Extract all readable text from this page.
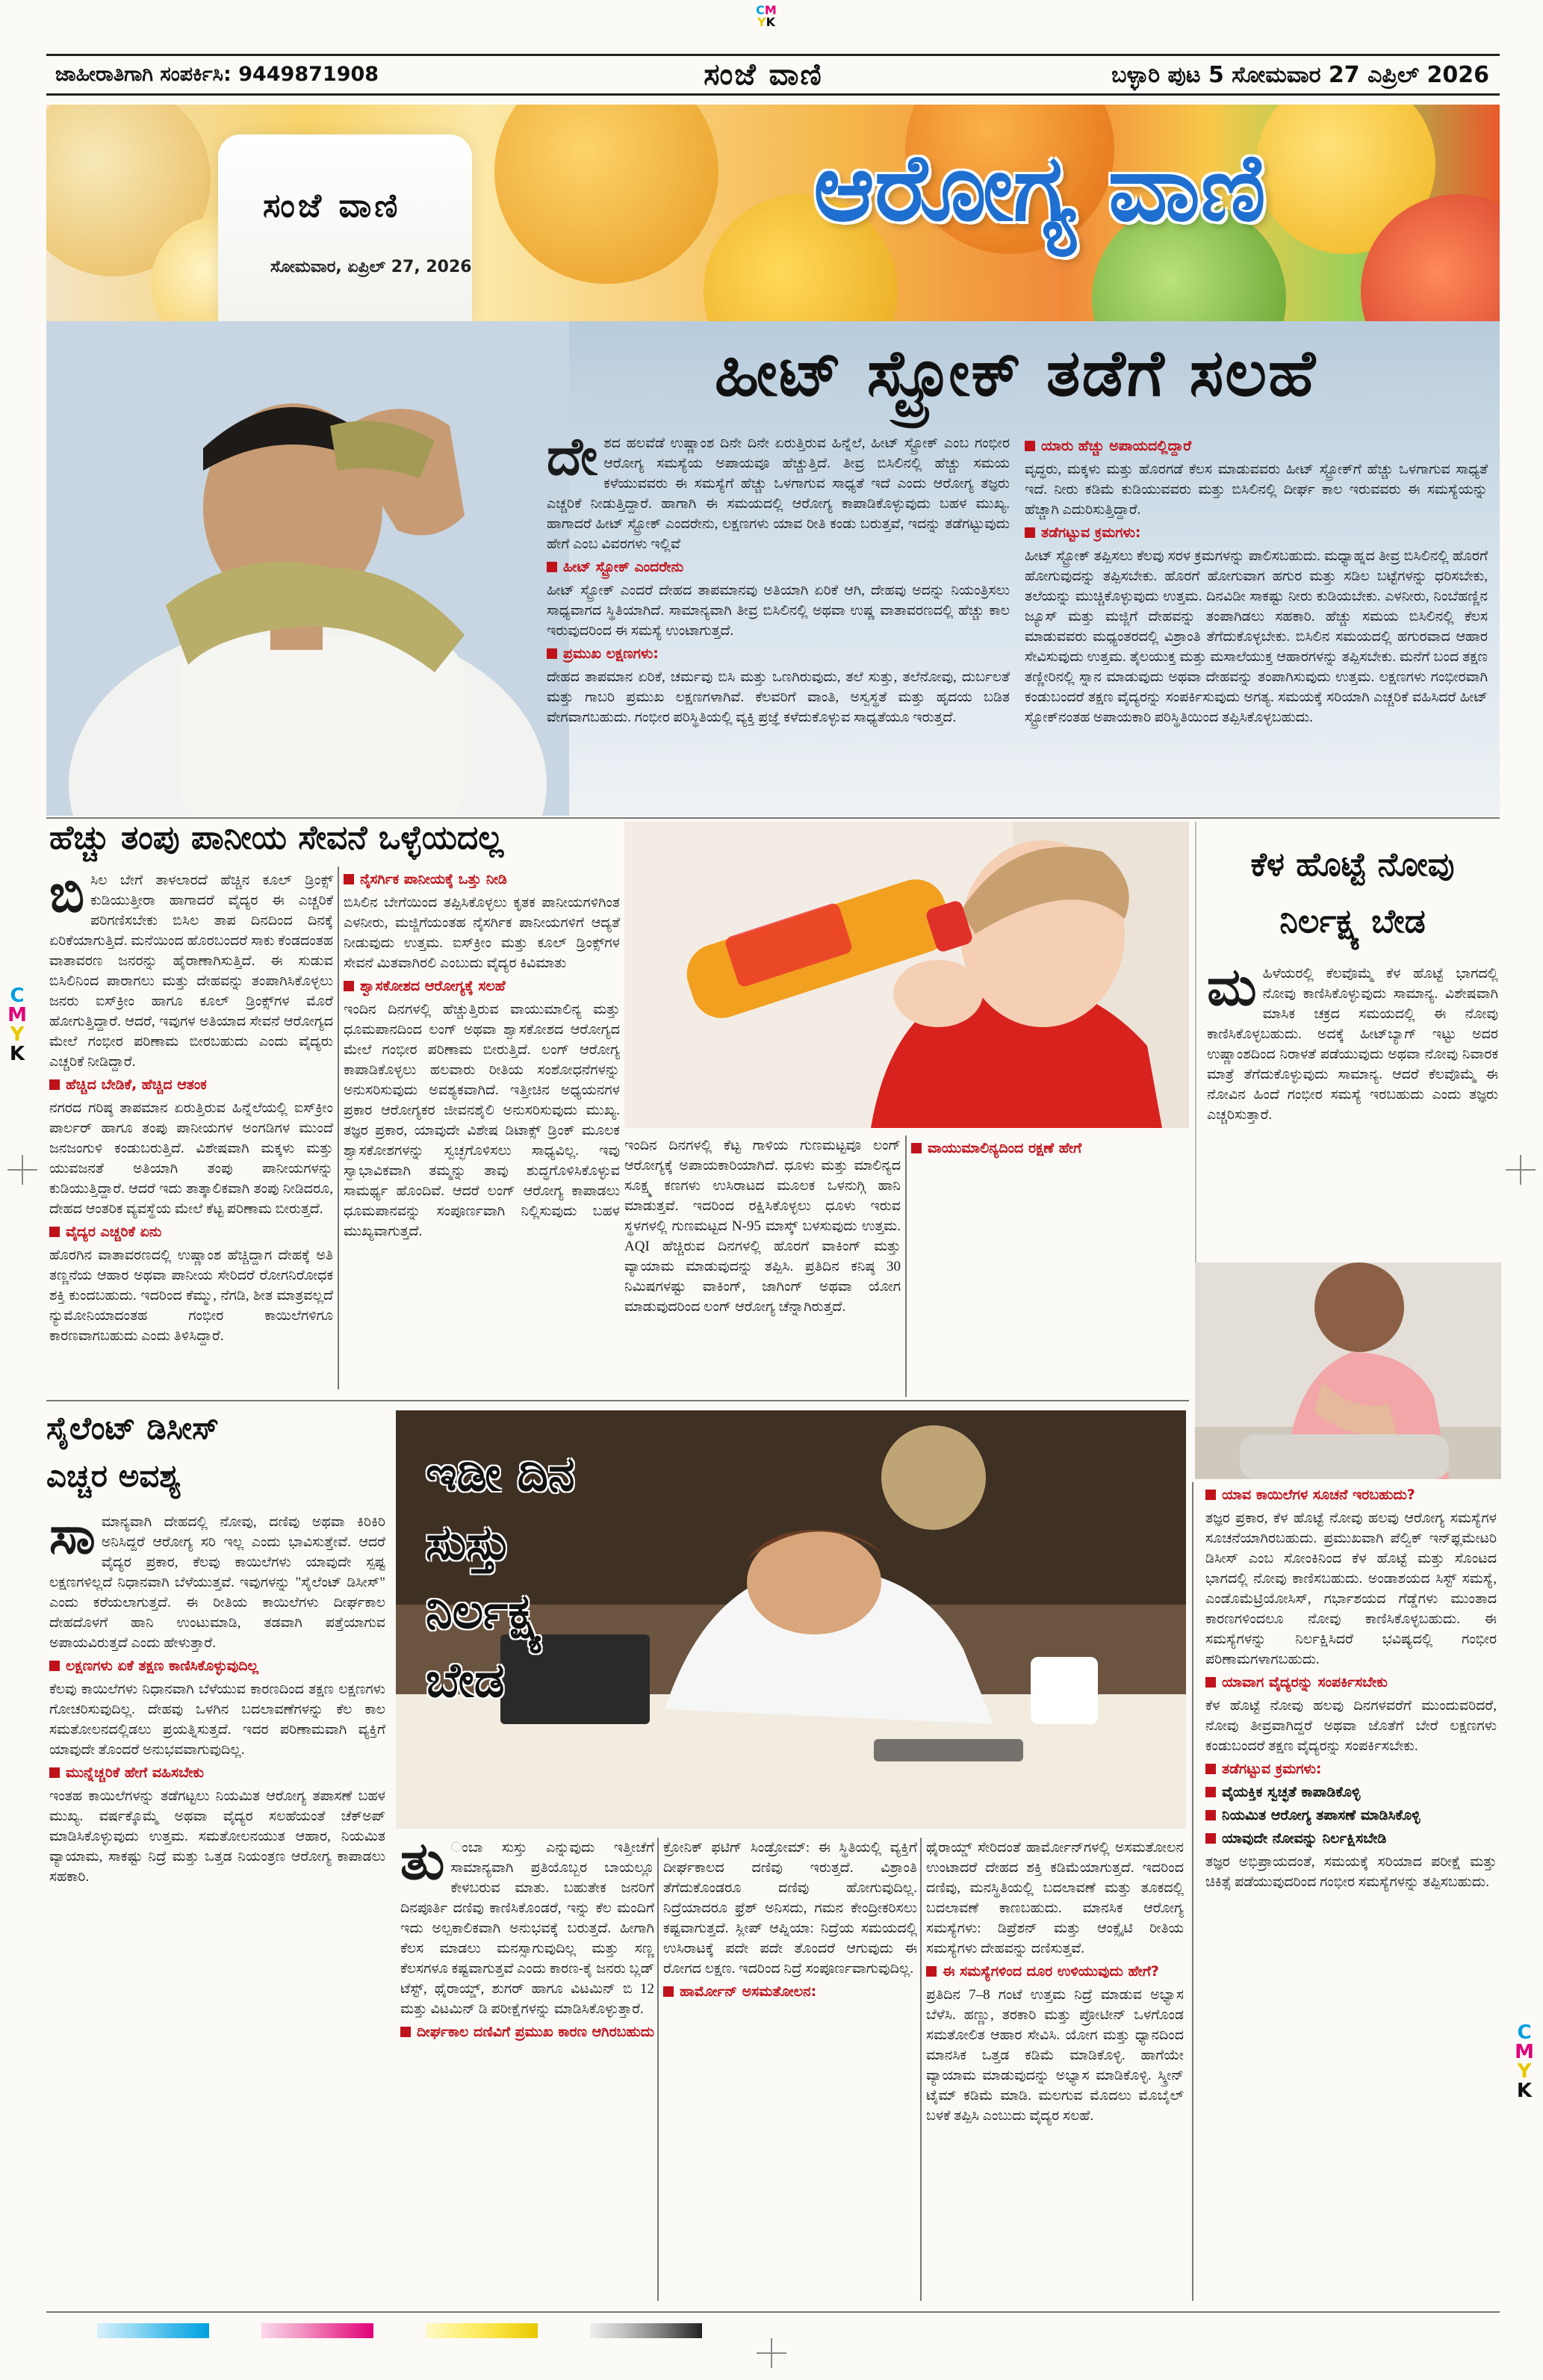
CM
YK
C
M
Y
K
C
M
Y
K
ಜಾಹೀರಾತಿಗಾಗಿ ಸಂಪರ್ಕಿಸಿ: 9449871908	ಸಂಜೆ ವಾಣಿ	ಬಳ್ಳಾರಿ ಪುಟ 5 ಸೋಮವಾರ 27 ಎಪ್ರಿಲ್ 2026
ಸಂಜೆ ವಾಣಿ
ಸೋಮವಾರ, ಏಪ್ರಿಲ್ 27, 2026
ಆರೋಗ್ಯ ವಾಣಿ
ಹೀಟ್ ಸ್ಟ್ರೋಕ್ ತಡೆಗೆ ಸಲಹೆ
ದೇ ಶದ ಹಲವೆಡೆ ಉಷ್ಣಾಂಶ ದಿನೇ ದಿನೇ ಏರುತ್ತಿರುವ ಹಿನ್ನೆಲೆ, ಹೀಟ್ ಸ್ಟ್ರೋಕ್ ಎಂಬ ಗಂಭೀರ ಆರೋಗ್ಯ ಸಮಸ್ಯೆಯ ಅಪಾಯವೂ ಹೆಚ್ಚುತ್ತಿದೆ. ತೀವ್ರ ಬಿಸಿಲಿನಲ್ಲಿ ಹೆಚ್ಚು ಸಮಯ ಕಳೆಯುವವರು ಈ ಸಮಸ್ಯೆಗೆ ಹೆಚ್ಚು ಒಳಗಾಗುವ ಸಾಧ್ಯತೆ ಇದೆ ಎಂದು ಆರೋಗ್ಯ ತಜ್ಞರು ಎಚ್ಚರಿಕೆ ನೀಡುತ್ತಿದ್ದಾರೆ. ಹಾಗಾಗಿ ಈ ಸಮಯದಲ್ಲಿ ಆರೋಗ್ಯ ಕಾಪಾಡಿಕೊಳ್ಳುವುದು ಬಹಳ ಮುಖ್ಯ. ಹಾಗಾದರೆ ಹೀಟ್ ಸ್ಟ್ರೋಕ್ ಎಂದರೇನು, ಲಕ್ಷಣಗಳು ಯಾವ ರೀತಿ ಕಂಡು ಬರುತ್ತವೆ, ಇದನ್ನು ತಡೆಗಟ್ಟುವುದು ಹೇಗೆ ಎಂಬ ವಿವರಗಳು ಇಲ್ಲಿವೆ
ಹೀಟ್ ಸ್ಟ್ರೋಕ್ ಎಂದರೇನು
ಹೀಟ್ ಸ್ಟ್ರೋಕ್ ಎಂದರೆ ದೇಹದ ತಾಪಮಾನವು ಅತಿಯಾಗಿ ಏರಿಕೆ ಆಗಿ, ದೇಹವು ಅದನ್ನು ನಿಯಂತ್ರಿಸಲು ಸಾಧ್ಯವಾಗದ ಸ್ಥಿತಿಯಾಗಿದೆ. ಸಾಮಾನ್ಯವಾಗಿ ತೀವ್ರ ಬಿಸಿಲಿನಲ್ಲಿ ಅಥವಾ ಉಷ್ಣ ವಾತಾವರಣದಲ್ಲಿ ಹೆಚ್ಚು ಕಾಲ ಇರುವುದರಿಂದ ಈ ಸಮಸ್ಯೆ ಉಂಟಾಗುತ್ತದೆ.
ಪ್ರಮುಖ ಲಕ್ಷಣಗಳು:
ದೇಹದ ತಾಪಮಾನ ಏರಿಕೆ, ಚರ್ಮವು ಬಿಸಿ ಮತ್ತು ಒಣಗಿರುವುದು, ತಲೆ ಸುತ್ತು, ತಲೆನೋವು, ದುರ್ಬಲತೆ ಮತ್ತು ಗಾಬರಿ ಪ್ರಮುಖ ಲಕ್ಷಣಗಳಾಗಿವೆ. ಕೆಲವರಿಗೆ ವಾಂತಿ, ಅಸ್ವಸ್ಥತೆ ಮತ್ತು ಹೃದಯ ಬಡಿತ ವೇಗವಾಗಬಹುದು. ಗಂಭೀರ ಪರಿಸ್ಥಿತಿಯಲ್ಲಿ ವ್ಯಕ್ತಿ ಪ್ರಜ್ಞೆ ಕಳೆದುಕೊಳ್ಳುವ ಸಾಧ್ಯತೆಯೂ ಇರುತ್ತದೆ.
ಯಾರು ಹೆಚ್ಚು ಅಪಾಯದಲ್ಲಿದ್ದಾರೆ
ವೃದ್ಧರು, ಮಕ್ಕಳು ಮತ್ತು ಹೊರಗಡೆ ಕೆಲಸ ಮಾಡುವವರು ಹೀಟ್ ಸ್ಟ್ರೋಕ್‌ಗೆ ಹೆಚ್ಚು ಒಳಗಾಗುವ ಸಾಧ್ಯತೆ ಇದೆ. ನೀರು ಕಡಿಮೆ ಕುಡಿಯುವವರು ಮತ್ತು ಬಿಸಿಲಿನಲ್ಲಿ ದೀರ್ಘ ಕಾಲ ಇರುವವರು ಈ ಸಮಸ್ಯೆಯನ್ನು ಹೆಚ್ಚಾಗಿ ಎದುರಿಸುತ್ತಿದ್ದಾರೆ.
ತಡೆಗಟ್ಟುವ ಕ್ರಮಗಳು:
ಹೀಟ್ ಸ್ಟ್ರೋಕ್ ತಪ್ಪಿಸಲು ಕೆಲವು ಸರಳ ಕ್ರಮಗಳನ್ನು ಪಾಲಿಸಬಹುದು. ಮಧ್ಯಾಹ್ನದ ತೀವ್ರ ಬಿಸಿಲಿನಲ್ಲಿ ಹೊರಗೆ ಹೋಗುವುದನ್ನು ತಪ್ಪಿಸಬೇಕು. ಹೊರಗೆ ಹೋಗುವಾಗ ಹಗುರ ಮತ್ತು ಸಡಿಲ ಬಟ್ಟೆಗಳನ್ನು ಧರಿಸಬೇಕು, ತಲೆಯನ್ನು ಮುಚ್ಚಿಕೊಳ್ಳುವುದು ಉತ್ತಮ. ದಿನವಿಡೀ ಸಾಕಷ್ಟು ನೀರು ಕುಡಿಯಬೇಕು. ಎಳನೀರು, ನಿಂಬೆಹಣ್ಣಿನ ಜ್ಯೂಸ್ ಮತ್ತು ಮಜ್ಜಿಗೆ ದೇಹವನ್ನು ತಂಪಾಗಿಡಲು ಸಹಕಾರಿ. ಹೆಚ್ಚು ಸಮಯ ಬಿಸಿಲಿನಲ್ಲಿ ಕೆಲಸ ಮಾಡುವವರು ಮಧ್ಯಂತರದಲ್ಲಿ ವಿಶ್ರಾಂತಿ ತೆಗೆದುಕೊಳ್ಳಬೇಕು. ಬಿಸಿಲಿನ ಸಮಯದಲ್ಲಿ ಹಗುರವಾದ ಆಹಾರ ಸೇವಿಸುವುದು ಉತ್ತಮ. ತೈಲಯುಕ್ತ ಮತ್ತು ಮಸಾಲೆಯುಕ್ತ ಆಹಾರಗಳನ್ನು ತಪ್ಪಿಸಬೇಕು. ಮನೆಗೆ ಬಂದ ತಕ್ಷಣ ತಣ್ಣೀರಿನಲ್ಲಿ ಸ್ನಾನ ಮಾಡುವುದು ಅಥವಾ ದೇಹವನ್ನು ತಂಪಾಗಿಸುವುದು ಉತ್ತಮ. ಲಕ್ಷಣಗಳು ಗಂಭೀರವಾಗಿ ಕಂಡುಬಂದರೆ ತಕ್ಷಣ ವೈದ್ಯರನ್ನು ಸಂಪರ್ಕಿಸುವುದು ಅಗತ್ಯ. ಸಮಯಕ್ಕೆ ಸರಿಯಾಗಿ ಎಚ್ಚರಿಕೆ ವಹಿಸಿದರೆ ಹೀಟ್ ಸ್ಟ್ರೋಕ್‌ನಂತಹ ಅಪಾಯಕಾರಿ ಪರಿಸ್ಥಿತಿಯಿಂದ ತಪ್ಪಿಸಿಕೊಳ್ಳಬಹುದು.
ಹೆಚ್ಚು ತಂಪು ಪಾನೀಯ ಸೇವನೆ ಒಳ್ಳೆಯದಲ್ಲ
ಬಿ ಸಿಲ ಬೇಗೆ ತಾಳಲಾರದೆ ಹೆಚ್ಚಿನ ಕೂಲ್ ಡ್ರಿಂಕ್ಸ್ ಕುಡಿಯುತ್ತೀರಾ ಹಾಗಾದರೆ ವೈದ್ಯರ ಈ ಎಚ್ಚರಿಕೆ ಪರಿಗಣಿಸಬೇಕು ಬಿಸಿಲ ತಾಪ ದಿನದಿಂದ ದಿನಕ್ಕೆ ಏರಿಕೆಯಾಗುತ್ತಿದೆ. ಮನೆಯಿಂದ ಹೊರಬಂದರೆ ಸಾಕು ಕೆಂಡದಂತಹ ವಾತಾವರಣ ಜನರನ್ನು ಹೈರಾಣಾಗಿಸುತ್ತಿದೆ. ಈ ಸುಡುವ ಬಿಸಿಲಿನಿಂದ ಪಾರಾಗಲು ಮತ್ತು ದೇಹವನ್ನು ತಂಪಾಗಿಸಿಕೊಳ್ಳಲು ಜನರು ಐಸ್‌ಕ್ರೀಂ ಹಾಗೂ ಕೂಲ್ ಡ್ರಿಂಕ್ಸ್‌ಗಳ ಮೊರೆ ಹೋಗುತ್ತಿದ್ದಾರೆ. ಆದರೆ, ಇವುಗಳ ಅತಿಯಾದ ಸೇವನೆ ಆರೋಗ್ಯದ ಮೇಲೆ ಗಂಭೀರ ಪರಿಣಾಮ ಬೀರಬಹುದು ಎಂದು ವೈದ್ಯರು ಎಚ್ಚರಿಕೆ ನೀಡಿದ್ದಾರೆ.
ಹೆಚ್ಚಿದ ಬೇಡಿಕೆ, ಹೆಚ್ಚಿದ ಆತಂಕ
ನಗರದ ಗರಿಷ್ಠ ತಾಪಮಾನ ಏರುತ್ತಿರುವ ಹಿನ್ನೆಲೆಯಲ್ಲಿ ಐಸ್‌ಕ್ರೀಂ ಪಾರ್ಲರ್ ಹಾಗೂ ತಂಪು ಪಾನೀಯಗಳ ಅಂಗಡಿಗಳ ಮುಂದೆ ಜನಜಂಗುಳಿ ಕಂಡುಬರುತ್ತಿದೆ. ವಿಶೇಷವಾಗಿ ಮಕ್ಕಳು ಮತ್ತು ಯುವಜನತೆ ಅತಿಯಾಗಿ ತಂಪು ಪಾನೀಯಗಳನ್ನು ಕುಡಿಯುತ್ತಿದ್ದಾರೆ. ಆದರೆ ಇದು ತಾತ್ಕಾಲಿಕವಾಗಿ ತಂಪು ನೀಡಿದರೂ, ದೇಹದ ಆಂತರಿಕ ವ್ಯವಸ್ಥೆಯ ಮೇಲೆ ಕೆಟ್ಟ ಪರಿಣಾಮ ಬೀರುತ್ತದೆ.
ವೈದ್ಯರ ಎಚ್ಚರಿಕೆ ಏನು
ಹೊರಗಿನ ವಾತಾವರಣದಲ್ಲಿ ಉಷ್ಣಾಂಶ ಹೆಚ್ಚಿದ್ದಾಗ ದೇಹಕ್ಕೆ ಅತಿ ತಣ್ಣನೆಯ ಆಹಾರ ಅಥವಾ ಪಾನೀಯ ಸೇರಿದರೆ ರೋಗನಿರೋಧಕ ಶಕ್ತಿ ಕುಂದಬಹುದು. ಇದರಿಂದ ಕೆಮ್ಮು, ನೆಗಡಿ, ಶೀತ ಮಾತ್ರವಲ್ಲದೆ ನ್ಯುಮೋನಿಯಾದಂತಹ ಗಂಭೀರ ಕಾಯಿಲೆಗಳಿಗೂ ಕಾರಣವಾಗಬಹುದು ಎಂದು ತಿಳಿಸಿದ್ದಾರೆ.
ನೈಸರ್ಗಿಕ ಪಾನೀಯಕ್ಕೆ ಒತ್ತು ನೀಡಿ
ಬಿಸಿಲಿನ ಬೇಗೆಯಿಂದ ತಪ್ಪಿಸಿಕೊಳ್ಳಲು ಕೃತಕ ಪಾನೀಯಗಳಿಗಿಂತ ಎಳನೀರು, ಮಜ್ಜಿಗೆಯಂತಹ ನೈಸರ್ಗಿಕ ಪಾನೀಯಗಳಿಗೆ ಆದ್ಯತೆ ನೀಡುವುದು ಉತ್ತಮ. ಐಸ್‌ಕ್ರೀಂ ಮತ್ತು ಕೂಲ್ ಡ್ರಿಂಕ್ಸ್‌ಗಳ ಸೇವನೆ ಮಿತವಾಗಿರಲಿ ಎಂಬುದು ವೈದ್ಯರ ಕಿವಿಮಾತು
ಶ್ವಾಸಕೋಶದ ಆರೋಗ್ಯಕ್ಕೆ ಸಲಹೆ
ಇಂದಿನ ದಿನಗಳಲ್ಲಿ ಹೆಚ್ಚುತ್ತಿರುವ ವಾಯುಮಾಲಿನ್ಯ ಮತ್ತು ಧೂಮಪಾನದಿಂದ ಲಂಗ್ ಅಥವಾ ಶ್ವಾಸಕೋಶದ ಆರೋಗ್ಯದ ಮೇಲೆ ಗಂಭೀರ ಪರಿಣಾಮ ಬೀರುತ್ತಿದೆ. ಲಂಗ್ ಆರೋಗ್ಯ ಕಾಪಾಡಿಕೊಳ್ಳಲು ಹಲವಾರು ರೀತಿಯ ಸಂಶೋಧನೆಗಳನ್ನು ಅನುಸರಿಸುವುದು ಅವಶ್ಯಕವಾಗಿದೆ. ಇತ್ತೀಚಿನ ಅಧ್ಯಯನಗಳ ಪ್ರಕಾರ ಆರೋಗ್ಯಕರ ಜೀವನಶೈಲಿ ಅನುಸರಿಸುವುದು ಮುಖ್ಯ. ತಜ್ಞರ ಪ್ರಕಾರ, ಯಾವುದೇ ವಿಶೇಷ ಡಿಟಾಕ್ಸ್ ಡ್ರಿಂಕ್ ಮೂಲಕ ಶ್ವಾಸಕೋಶಗಳನ್ನು ಸ್ವಚ್ಛಗೊಳಿಸಲು ಸಾಧ್ಯವಿಲ್ಲ. ಇವು ಸ್ವಾಭಾವಿಕವಾಗಿ ತಮ್ಮನ್ನು ತಾವು ಶುದ್ಧಗೊಳಿಸಿಕೊಳ್ಳುವ ಸಾಮರ್ಥ್ಯ ಹೊಂದಿವೆ. ಆದರೆ ಲಂಗ್ ಆರೋಗ್ಯ ಕಾಪಾಡಲು ಧೂಮಪಾನವನ್ನು ಸಂಪೂರ್ಣವಾಗಿ ನಿಲ್ಲಿಸುವುದು ಬಹಳ ಮುಖ್ಯವಾಗುತ್ತದೆ.
ಇಂದಿನ ದಿನಗಳಲ್ಲಿ ಕೆಟ್ಟ ಗಾಳಿಯ ಗುಣಮಟ್ಟವೂ ಲಂಗ್ ಆರೋಗ್ಯಕ್ಕೆ ಅಪಾಯಕಾರಿಯಾಗಿದೆ. ಧೂಳು ಮತ್ತು ಮಾಲಿನ್ಯದ ಸೂಕ್ಷ್ಮ ಕಣಗಳು ಉಸಿರಾಟದ ಮೂಲಕ ಒಳನುಗ್ಗಿ ಹಾನಿ ಮಾಡುತ್ತವೆ. ಇದರಿಂದ ರಕ್ಷಿಸಿಕೊಳ್ಳಲು ಧೂಳು ಇರುವ ಸ್ಥಳಗಳಲ್ಲಿ ಗುಣಮಟ್ಟದ N-95 ಮಾಸ್ಕ್ ಬಳಸುವುದು ಉತ್ತಮ. AQI ಹೆಚ್ಚಿರುವ ದಿನಗಳಲ್ಲಿ ಹೊರಗೆ ವಾಕಿಂಗ್ ಮತ್ತು ವ್ಯಾಯಾಮ ಮಾಡುವುದನ್ನು ತಪ್ಪಿಸಿ. ಪ್ರತಿದಿನ ಕನಿಷ್ಠ 30 ನಿಮಿಷಗಳಷ್ಟು ವಾಕಿಂಗ್, ಜಾಗಿಂಗ್ ಅಥವಾ ಯೋಗ ಮಾಡುವುದರಿಂದ ಲಂಗ್ ಆರೋಗ್ಯ ಚೆನ್ನಾಗಿರುತ್ತದೆ.
ವಾಯುಮಾಲಿನ್ಯದಿಂದ ರಕ್ಷಣೆ ಹೇಗೆ
ಕೆಳ ಹೊಟ್ಟೆ ನೋವು
ನಿರ್ಲಕ್ಷ್ಯ ಬೇಡ
ಮ ಹಿಳೆಯರಲ್ಲಿ ಕೆಲವೊಮ್ಮೆ ಕೆಳ ಹೊಟ್ಟೆ ಭಾಗದಲ್ಲಿ ನೋವು ಕಾಣಿಸಿಕೊಳ್ಳುವುದು ಸಾಮಾನ್ಯ. ವಿಶೇಷವಾಗಿ ಮಾಸಿಕ ಚಕ್ರದ ಸಮಯದಲ್ಲಿ ಈ ನೋವು ಕಾಣಿಸಿಕೊಳ್ಳಬಹುದು. ಅದಕ್ಕೆ ಹೀಟ್‌ಬ್ಯಾಗ್ ಇಟ್ಟು ಅದರ ಉಷ್ಣಾಂಶದಿಂದ ನಿರಾಳತೆ ಪಡೆಯುವುದು ಅಥವಾ ನೋವು ನಿವಾರಕ ಮಾತ್ರೆ ತೆಗೆದುಕೊಳ್ಳುವುದು ಸಾಮಾನ್ಯ. ಆದರೆ ಕೆಲವೊಮ್ಮೆ ಈ ನೋವಿನ ಹಿಂದೆ ಗಂಭೀರ ಸಮಸ್ಯೆ ಇರಬಹುದು ಎಂದು ತಜ್ಞರು ಎಚ್ಚರಿಸುತ್ತಾರೆ.
ಯಾವ ಕಾಯಿಲೆಗಳ ಸೂಚನೆ ಇರಬಹುದು?
ತಜ್ಞರ ಪ್ರಕಾರ, ಕೆಳ ಹೊಟ್ಟೆ ನೋವು ಹಲವು ಆರೋಗ್ಯ ಸಮಸ್ಯೆಗಳ ಸೂಚನೆಯಾಗಿರಬಹುದು. ಪ್ರಮುಖವಾಗಿ ಪೆಲ್ವಿಕ್ ಇನ್‌ಫ್ಲಮೇಟರಿ ಡಿಸೀಸ್ ಎಂಬ ಸೋಂಕಿನಿಂದ ಕೆಳ ಹೊಟ್ಟೆ ಮತ್ತು ಸೊಂಟದ ಭಾಗದಲ್ಲಿ ನೋವು ಕಾಣಿಸಬಹುದು. ಅಂಡಾಶಯದ ಸಿಸ್ಟ್ ಸಮಸ್ಯೆ, ಎಂಡೊಮೆಟ್ರಿಯೋಸಿಸ್, ಗರ್ಭಾಶಯದ ಗೆಡ್ಡೆಗಳು ಮುಂತಾದ ಕಾರಣಗಳಿಂದಲೂ ನೋವು ಕಾಣಿಸಿಕೊಳ್ಳಬಹುದು. ಈ ಸಮಸ್ಯೆಗಳನ್ನು ನಿರ್ಲಕ್ಷಿಸಿದರೆ ಭವಿಷ್ಯದಲ್ಲಿ ಗಂಭೀರ ಪರಿಣಾಮಗಳಾಗಬಹುದು.
ಯಾವಾಗ ವೈದ್ಯರನ್ನು ಸಂಪರ್ಕಿಸಬೇಕು
ಕೆಳ ಹೊಟ್ಟೆ ನೋವು ಹಲವು ದಿನಗಳವರೆಗೆ ಮುಂದುವರಿದರೆ, ನೋವು ತೀವ್ರವಾಗಿದ್ದರೆ ಅಥವಾ ಜೊತೆಗೆ ಬೇರೆ ಲಕ್ಷಣಗಳು ಕಂಡುಬಂದರೆ ತಕ್ಷಣ ವೈದ್ಯರನ್ನು ಸಂಪರ್ಕಿಸಬೇಕು.
ತಡೆಗಟ್ಟುವ ಕ್ರಮಗಳು:
ವೈಯಕ್ತಿಕ ಸ್ವಚ್ಛತೆ ಕಾಪಾಡಿಕೊಳ್ಳಿ
ನಿಯಮಿತ ಆರೋಗ್ಯ ತಪಾಸಣೆ ಮಾಡಿಸಿಕೊಳ್ಳಿ
ಯಾವುದೇ ನೋವನ್ನು ನಿರ್ಲಕ್ಷಿಸಬೇಡಿ
ತಜ್ಞರ ಅಭಿಪ್ರಾಯದಂತೆ, ಸಮಯಕ್ಕೆ ಸರಿಯಾದ ಪರೀಕ್ಷೆ ಮತ್ತು ಚಿಕಿತ್ಸೆ ಪಡೆಯುವುದರಿಂದ ಗಂಭೀರ ಸಮಸ್ಯೆಗಳನ್ನು ತಪ್ಪಿಸಬಹುದು.
ಸೈಲೆಂಟ್ ಡಿಸೀಸ್
ಎಚ್ಚರ ಅವಶ್ಯ
ಸಾ ಮಾನ್ಯವಾಗಿ ದೇಹದಲ್ಲಿ ನೋವು, ದಣಿವು ಅಥವಾ ಕಿರಿಕಿರಿ ಅನಿಸಿದ್ದರೆ ಆರೋಗ್ಯ ಸರಿ ಇಲ್ಲ ಎಂದು ಭಾವಿಸುತ್ತೇವೆ. ಆದರೆ ವೈದ್ಯರ ಪ್ರಕಾರ, ಕೆಲವು ಕಾಯಿಲೆಗಳು ಯಾವುದೇ ಸ್ಪಷ್ಟ ಲಕ್ಷಣಗಳಿಲ್ಲದೆ ನಿಧಾನವಾಗಿ ಬೆಳೆಯುತ್ತವೆ. ಇವುಗಳನ್ನು "ಸೈಲೆಂಟ್ ಡಿಸೀಸ್" ಎಂದು ಕರೆಯಲಾಗುತ್ತದೆ. ಈ ರೀತಿಯ ಕಾಯಿಲೆಗಳು ದೀರ್ಘಕಾಲ ದೇಹದೊಳಗೆ ಹಾನಿ ಉಂಟುಮಾಡಿ, ತಡವಾಗಿ ಪತ್ತೆಯಾಗುವ ಅಪಾಯವಿರುತ್ತದೆ ಎಂದು ಹೇಳುತ್ತಾರೆ.
ಲಕ್ಷಣಗಳು ಏಕೆ ತಕ್ಷಣ ಕಾಣಿಸಿಕೊಳ್ಳುವುದಿಲ್ಲ
ಕೆಲವು ಕಾಯಿಲೆಗಳು ನಿಧಾನವಾಗಿ ಬೆಳೆಯುವ ಕಾರಣದಿಂದ ತಕ್ಷಣ ಲಕ್ಷಣಗಳು ಗೋಚರಿಸುವುದಿಲ್ಲ. ದೇಹವು ಒಳಗಿನ ಬದಲಾವಣೆಗಳನ್ನು ಕೆಲ ಕಾಲ ಸಮತೋಲನದಲ್ಲಿಡಲು ಪ್ರಯತ್ನಿಸುತ್ತದೆ. ಇದರ ಪರಿಣಾಮವಾಗಿ ವ್ಯಕ್ತಿಗೆ ಯಾವುದೇ ತೊಂದರೆ ಅನುಭವವಾಗುವುದಿಲ್ಲ.
ಮುನ್ನೆಚ್ಚರಿಕೆ ಹೇಗೆ ವಹಿಸಬೇಕು
ಇಂತಹ ಕಾಯಿಲೆಗಳನ್ನು ತಡೆಗಟ್ಟಲು ನಿಯಮಿತ ಆರೋಗ್ಯ ತಪಾಸಣೆ ಬಹಳ ಮುಖ್ಯ. ವರ್ಷಕ್ಕೊಮ್ಮೆ ಅಥವಾ ವೈದ್ಯರ ಸಲಹೆಯಂತೆ ಚೆಕ್‌ಅಪ್ ಮಾಡಿಸಿಕೊಳ್ಳುವುದು ಉತ್ತಮ. ಸಮತೋಲನಯುತ ಆಹಾರ, ನಿಯಮಿತ ವ್ಯಾಯಾಮ, ಸಾಕಷ್ಟು ನಿದ್ರೆ ಮತ್ತು ಒತ್ತಡ ನಿಯಂತ್ರಣ ಆರೋಗ್ಯ ಕಾಪಾಡಲು ಸಹಕಾರಿ.
ಇಡೀ ದಿನ ಸುಸ್ತು ನಿರ್ಲಕ್ಷ್ಯ ಬೇಡ
ತು ಂಬಾ ಸುಸ್ತು ಎನ್ನುವುದು ಇತ್ತೀಚೆಗೆ ಸಾಮಾನ್ಯವಾಗಿ ಪ್ರತಿಯೊಬ್ಬರ ಬಾಯಲ್ಲೂ ಕೇಳಬರುವ ಮಾತು. ಬಹುತೇಕ ಜನರಿಗೆ ದಿನಪೂರ್ತಿ ದಣಿವು ಕಾಣಿಸಿಕೊಂಡರೆ, ಇನ್ನು ಕೆಲ ಮಂದಿಗೆ ಇದು ಅಲ್ಪಕಾಲಿಕವಾಗಿ ಅನುಭವಕ್ಕೆ ಬರುತ್ತದೆ. ಹೀಗಾಗಿ ಕೆಲಸ ಮಾಡಲು ಮನಸ್ಸಾಗುವುದಿಲ್ಲ ಮತ್ತು ಸಣ್ಣ ಕೆಲಸಗಳೂ ಕಷ್ಟವಾಗುತ್ತವೆ ಎಂದು ಕಾರಣ-ಕೈ ಜನರು ಬ್ಲಡ್ ಟೆಸ್ಟ್, ಥೈರಾಯ್ಡ್, ಶುಗರ್ ಹಾಗೂ ವಿಟಮಿನ್ ಬಿ 12 ಮತ್ತು ವಿಟಮಿನ್ ಡಿ ಪರೀಕ್ಷೆಗಳನ್ನು ಮಾಡಿಸಿಕೊಳ್ಳುತ್ತಾರೆ.
ದೀರ್ಘಕಾಲ ದಣಿವಿಗೆ ಪ್ರಮುಖ ಕಾರಣ ಆಗಿರಬಹುದು
ಕ್ರೋನಿಕ್ ಫಟಿಗ್ ಸಿಂಡ್ರೋಮ್: ಈ ಸ್ಥಿತಿಯಲ್ಲಿ ವ್ಯಕ್ತಿಗೆ ದೀರ್ಘಕಾಲದ ದಣಿವು ಇರುತ್ತದೆ. ವಿಶ್ರಾಂತಿ ತೆಗೆದುಕೊಂಡರೂ ದಣಿವು ಹೋಗುವುದಿಲ್ಲ. ನಿದ್ರೆಯಾದರೂ ಫ್ರೆಶ್ ಅನಿಸದು, ಗಮನ ಕೇಂದ್ರೀಕರಿಸಲು ಕಷ್ಟವಾಗುತ್ತದೆ. ಸ್ಲೀಪ್ ಆಪ್ನಿಯಾ: ನಿದ್ರೆಯ ಸಮಯದಲ್ಲಿ ಉಸಿರಾಟಕ್ಕೆ ಪದೇ ಪದೇ ತೊಂದರೆ ಆಗುವುದು ಈ ರೋಗದ ಲಕ್ಷಣ. ಇದರಿಂದ ನಿದ್ರೆ ಸಂಪೂರ್ಣವಾಗುವುದಿಲ್ಲ.
ಹಾರ್ಮೋನ್ ಅಸಮತೋಲನ:
ಥೈರಾಯ್ಡ್ ಸೇರಿದಂತೆ ಹಾರ್ಮೋನ್‌ಗಳಲ್ಲಿ ಅಸಮತೋಲನ ಉಂಟಾದರೆ ದೇಹದ ಶಕ್ತಿ ಕಡಿಮೆಯಾಗುತ್ತದೆ. ಇದರಿಂದ ದಣಿವು, ಮನಸ್ಥಿತಿಯಲ್ಲಿ ಬದಲಾವಣೆ ಮತ್ತು ತೂಕದಲ್ಲಿ ಬದಲಾವಣೆ ಕಾಣಬಹುದು. ಮಾನಸಿಕ ಆರೋಗ್ಯ ಸಮಸ್ಯೆಗಳು: ಡಿಪ್ರೆಶನ್ ಮತ್ತು ಆಂಕ್ಸೈಟಿ ರೀತಿಯ ಸಮಸ್ಯೆಗಳು ದೇಹವನ್ನು ದಣಿಸುತ್ತವೆ.
ಈ ಸಮಸ್ಯೆಗಳಿಂದ ದೂರ ಉಳಿಯುವುದು ಹೇಗೆ?
ಪ್ರತಿದಿನ 7–8 ಗಂಟೆ ಉತ್ತಮ ನಿದ್ರೆ ಮಾಡುವ ಅಭ್ಯಾಸ ಬೆಳೆಸಿ. ಹಣ್ಣು, ತರಕಾರಿ ಮತ್ತು ಪ್ರೋಟೀನ್ ಒಳಗೊಂಡ ಸಮತೋಲಿತ ಆಹಾರ ಸೇವಿಸಿ. ಯೋಗ ಮತ್ತು ಧ್ಯಾನದಿಂದ ಮಾನಸಿಕ ಒತ್ತಡ ಕಡಿಮೆ ಮಾಡಿಕೊಳ್ಳಿ. ಹಾಗೆಯೇ ವ್ಯಾಯಾಮ ಮಾಡುವುದನ್ನು ಅಭ್ಯಾಸ ಮಾಡಿಕೊಳ್ಳಿ. ಸ್ಕ್ರೀನ್ ಟೈಮ್ ಕಡಿಮೆ ಮಾಡಿ. ಮಲಗುವ ಮೊದಲು ಮೊಬೈಲ್ ಬಳಕೆ ತಪ್ಪಿಸಿ ಎಂಬುದು ವೈದ್ಯರ ಸಲಹೆ.
